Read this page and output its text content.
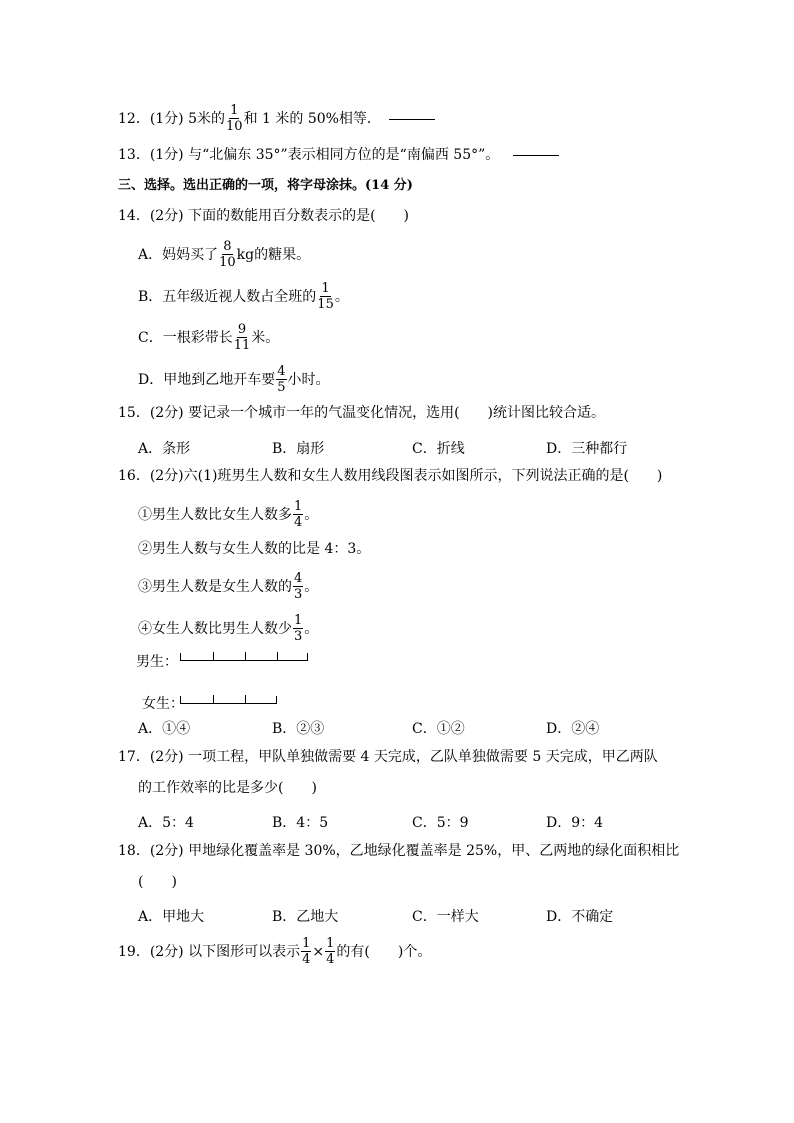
12．(1分) 5米的 $\frac{1}{10}$ 和 1 米的 50%相等．
13．(1分) 与“北偏东 35°”表示相同方位的是“南偏西 55°”。
三、选择。选出正确的一项，将字母涂抹。(14 分)
14．(2分) 下面的数能用百分数表示的是(　　)
A．妈妈买了 $\frac{8}{10}$ kg的糖果。
B．五年级近视人数占全班的 $\frac{1}{15}$ 。
C．一根彩带长 $\frac{9}{11}$ 米。
D．甲地到乙地开车要 $\frac{4}{5}$ 小时。
15．(2分) 要记录一个城市一年的气温变化情况，选用(　　)统计图比较合适。
A．条形	B．扇形	C．折线	D．三种都行
16．(2分)六(1)班男生人数和女生人数用线段图表示如图所示，下列说法正确的是(　　)
①男生人数比女生人数多 $\frac{1}{4}$ 。
②男生人数与女生人数的比是 4：3。
③男生人数是女生人数的 $\frac{4}{3}$ 。
④女生人数比男生人数少 $\frac{1}{3}$ 。
男生：
女生：
A．①④	B．②③	C．①②	D．②④
17．(2分) 一项工程，甲队单独做需要 4 天完成，乙队单独做需要 5 天完成，甲乙两队
的工作效率的比是多少(　　)
A．5：4	B．4：5	C．5：9	D．9：4
18．(2分) 甲地绿化覆盖率是 30%，乙地绿化覆盖率是 25%，甲、乙两地的绿化面积相比
(　　)
A．甲地大	B．乙地大	C．一样大	D．不确定
19．(2分) 以下图形可以表示 $\frac{1}{4} \times \frac{1}{4}$ 的有(　　)个。
